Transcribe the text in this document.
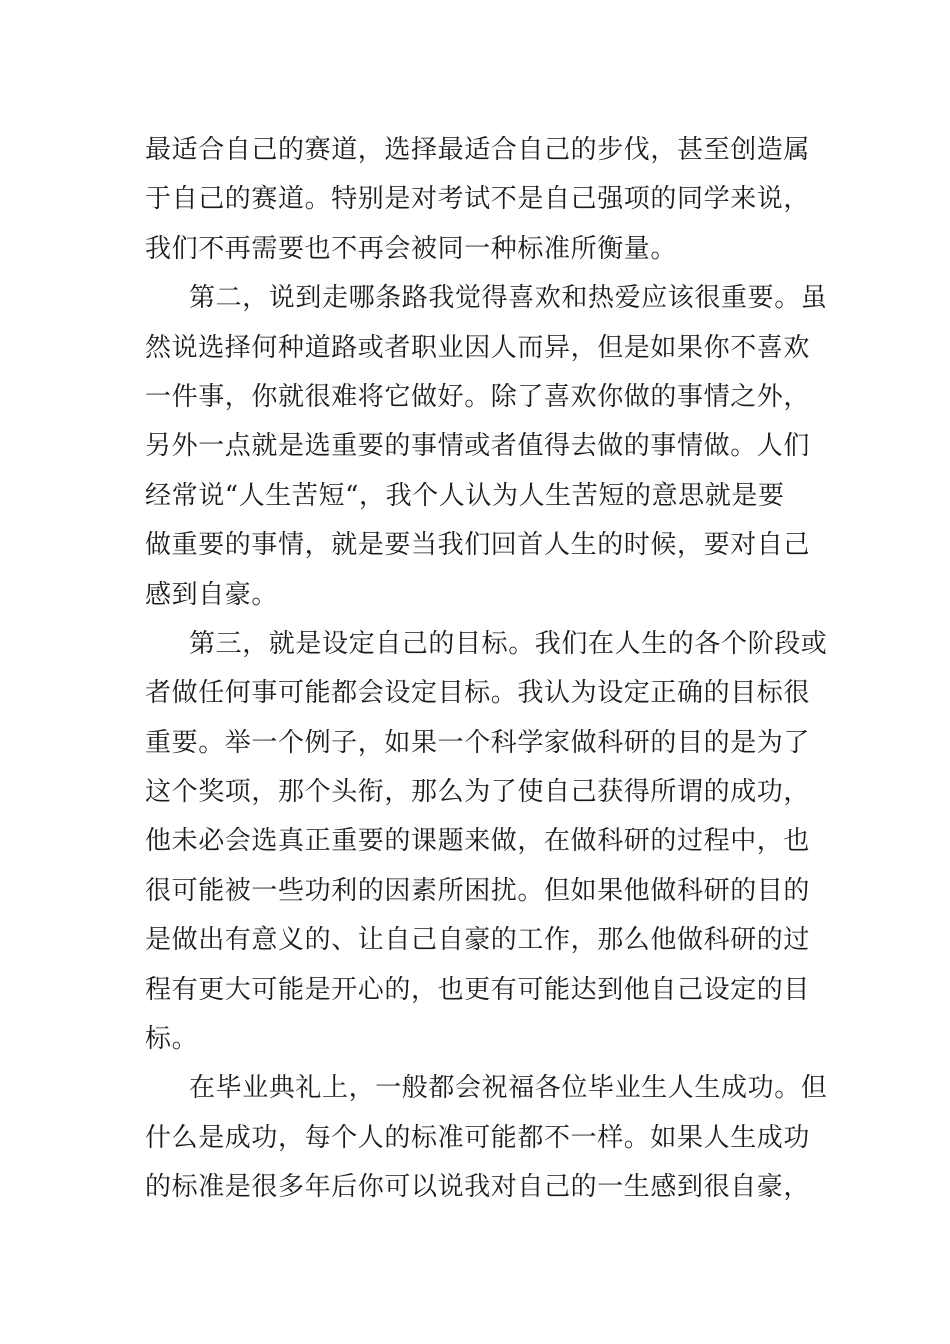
最适合自己的赛道，选择最适合自己的步伐，甚至创造属
于自己的赛道。特别是对考试不是自己强项的同学来说，
我们不再需要也不再会被同一种标准所衡量。
第二，说到走哪条路我觉得喜欢和热爱应该很重要。虽
然说选择何种道路或者职业因人而异，但是如果你不喜欢
一件事，你就很难将它做好。除了喜欢你做的事情之外，
另外一点就是选重要的事情或者值得去做的事情做。人们
经常说“人生苦短“，我个人认为人生苦短的意思就是要
做重要的事情，就是要当我们回首人生的时候，要对自己
感到自豪。
第三，就是设定自己的目标。我们在人生的各个阶段或
者做任何事可能都会设定目标。我认为设定正确的目标很
重要。举一个例子，如果一个科学家做科研的目的是为了
这个奖项，那个头衔，那么为了使自己获得所谓的成功，
他未必会选真正重要的课题来做，在做科研的过程中，也
很可能被一些功利的因素所困扰。但如果他做科研的目的
是做出有意义的、让自己自豪的工作，那么他做科研的过
程有更大可能是开心的，也更有可能达到他自己设定的目
标。
在毕业典礼上，一般都会祝福各位毕业生人生成功。但
什么是成功，每个人的标准可能都不一样。如果人生成功
的标准是很多年后你可以说我对自己的一生感到很自豪，
